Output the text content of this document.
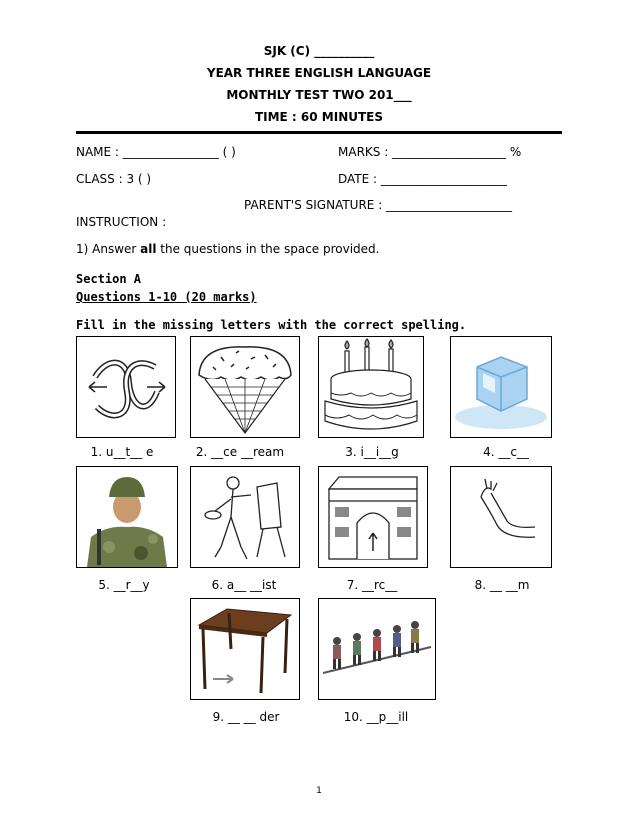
SJK (C) __________
YEAR THREE ENGLISH LANGUAGE
MONTHLY TEST TWO 201___
TIME : 60 MINUTES
NAME : ________________ ( )	MARKS : ___________________ %
CLASS : 3 ( )	DATE : _____________________
PARENT'S SIGNATURE : _____________________
INSTRUCTION :
1) Answer all the questions in the space provided.
Section A
Questions 1-10 (20 marks)
Fill in the missing letters with the correct spelling.
1. u__t__ e	2. __ce __ream	3. i__i__g	4. __c__
5. __r__y	6. a__ __ist	7. __rc__	8. __ __m
9. __ __ der	10. __p__ill
1
